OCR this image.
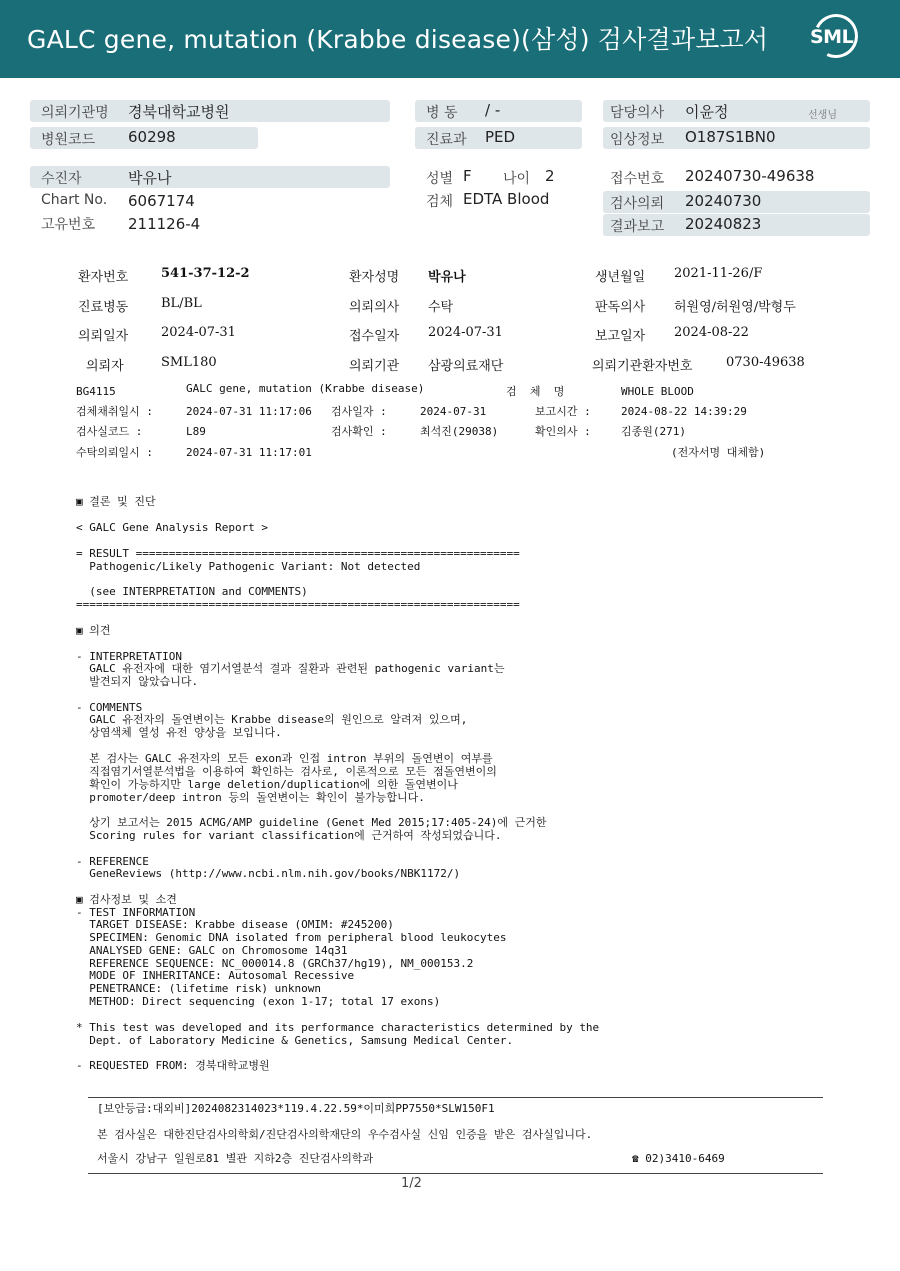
GALC gene, mutation (Krabbe disease)(삼성) 검사결과보고서 SML
의뢰기관명 경북대학교병원
병원코드 60298
병 동 / -
진료과 PED
담당의사 이윤정	선생님
임상정보 O187S1BN0
수진자	박유나
Chart No. 6067174
고유번호 211126-4
성별 F 나이 2
검체 EDTA Blood
접수번호 20240730-49638
검사의뢰 20240730
결과보고 20240823
환자번호	541-37-12-2	환자성명 박유나	생년월일 2021-11-26/F
진료병동	BL/BL	의뢰의사 수탁	판독의사 허원영/허원영/박형두
의뢰일자	2024-07-31	접수일자 2024-07-31	보고일자 2024-08-22
의뢰자	SML180	의뢰기관 삼광의료재단	의뢰기관환자번호	0730-49638
BG4115	GALC gene, mutation (Krabbe disease)	검  체  명	WHOLE BLOOD
검체채취일시 :	2024-07-31 11:17:06 검사일자 :	2024-07-31	보고시간 :	2024-08-22 14:39:29
검사실코드 :	L89	검사확인 :	최석진(29038)	확인의사 :	김종원(271)
수탁의뢰일시 :	2024-07-31 11:17:01	(전자서명 대체함)
▣ 결론 및 진단
< GALC Gene Analysis Report >
= RESULT ==========================================================
Pathogenic/Likely Pathogenic Variant: Not detected
(see INTERPRETATION and COMMENTS)
===================================================================
▣ 의견
- INTERPRETATION
GALC 유전자에 대한 염기서열분석 결과 질환과 관련된 pathogenic variant는
발견되지 않았습니다.
- COMMENTS
GALC 유전자의 돌연변이는 Krabbe disease의 원인으로 알려져 있으며,
상염색체 열성 유전 양상을 보입니다.
본 검사는 GALC 유전자의 모든 exon과 인접 intron 부위의 돌연변이 여부를
직접염기서열분석법을 이용하여 확인하는 검사로, 이론적으로 모든 점돌연변이의
확인이 가능하지만 large deletion/duplication에 의한 돌연변이나
promoter/deep intron 등의 돌연변이는 확인이 불가능합니다.
상기 보고서는 2015 ACMG/AMP guideline (Genet Med 2015;17:405-24)에 근거한
Scoring rules for variant classification에 근거하여 작성되었습니다.
- REFERENCE
GeneReviews (http://www.ncbi.nlm.nih.gov/books/NBK1172/)
▣ 검사정보 및 소견
- TEST INFORMATION
TARGET DISEASE: Krabbe disease (OMIM: #245200)
SPECIMEN: Genomic DNA isolated from peripheral blood leukocytes
ANALYSED GENE: GALC on Chromosome 14q31
REFERENCE SEQUENCE: NC_000014.8 (GRCh37/hg19), NM_000153.2
MODE OF INHERITANCE: Autosomal Recessive
PENETRANCE: (lifetime risk) unknown
METHOD: Direct sequencing (exon 1-17; total 17 exons)
* This test was developed and its performance characteristics determined by the
Dept. of Laboratory Medicine & Genetics, Samsung Medical Center.
- REQUESTED FROM: 경북대학교병원
[보안등급:대외비]2024082314023*119.4.22.59*이미희PP7550*SLW150F1
본 검사실은 대한진단검사의학회/진단검사의학재단의 우수검사실 신임 인증을 받은 검사실입니다.
서울시 강남구 일원로81 별관 지하2층 진단검사의학과	☎ 02)3410-6469
1/2
